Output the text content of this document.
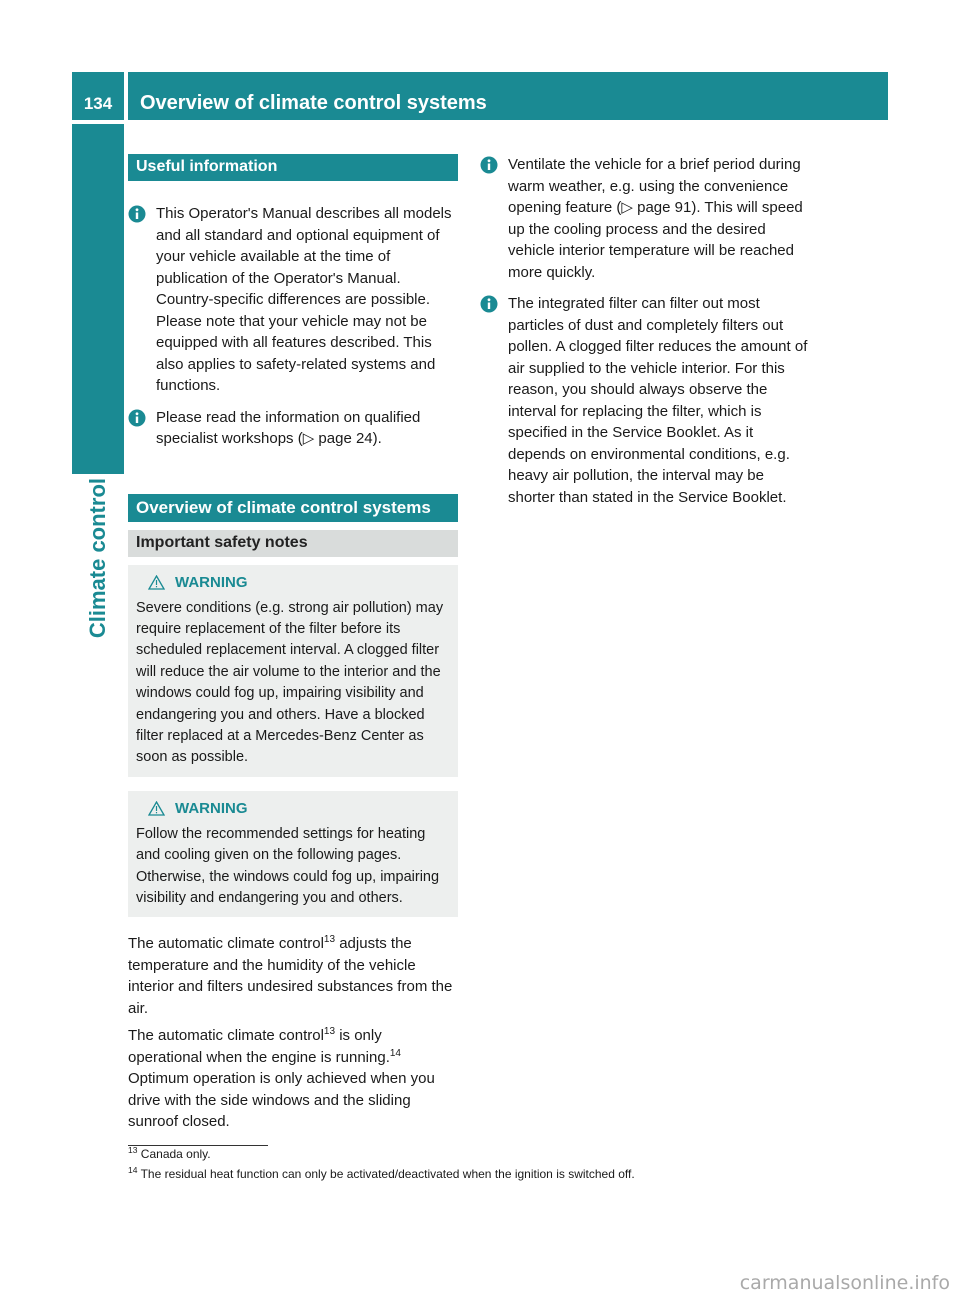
134	Overview of climate control systems
Climate control
Useful information
This Operator's Manual describes all models and all standard and optional equipment of your vehicle available at the time of publication of the Operator's Manual. Country-specific differences are possible. Please note that your vehicle may not be equipped with all features described. This also applies to safety-related systems and functions.
Please read the information on qualified specialist workshops (▷ page 24).
Overview of climate control systems
Important safety notes
WARNING
Severe conditions (e.g. strong air pollution) may require replacement of the filter before its scheduled replacement interval. A clogged filter will reduce the air volume to the interior and the windows could fog up, impairing visibility and endangering you and others. Have a blocked filter replaced at a Mercedes-Benz Center as soon as possible.
WARNING
Follow the recommended settings for heating and cooling given on the following pages. Otherwise, the windows could fog up, impairing visibility and endangering you and others.

The automatic climate control$^{13}$ adjusts the temperature and the humidity of the vehicle interior and filters undesired substances from the air.

The automatic climate control$^{13}$ is only operational when the engine is running.$^{14}$ Optimum operation is only achieved when you drive with the side windows and the sliding sunroof closed.

Ventilate the vehicle for a brief period during warm weather, e.g. using the convenience opening feature (▷ page 91). This will speed up the cooling process and the desired vehicle interior temperature will be reached more quickly.
The integrated filter can filter out most particles of dust and completely filters out pollen. A clogged filter reduces the amount of air supplied to the vehicle interior. For this reason, you should always observe the interval for replacing the filter, which is specified in the Service Booklet. As it depends on environmental conditions, e.g. heavy air pollution, the interval may be shorter than stated in the Service Booklet.
$^{13}$ Canada only.
$^{14}$ The residual heat function can only be activated/deactivated when the ignition is switched off.
carmanualsonline.info
